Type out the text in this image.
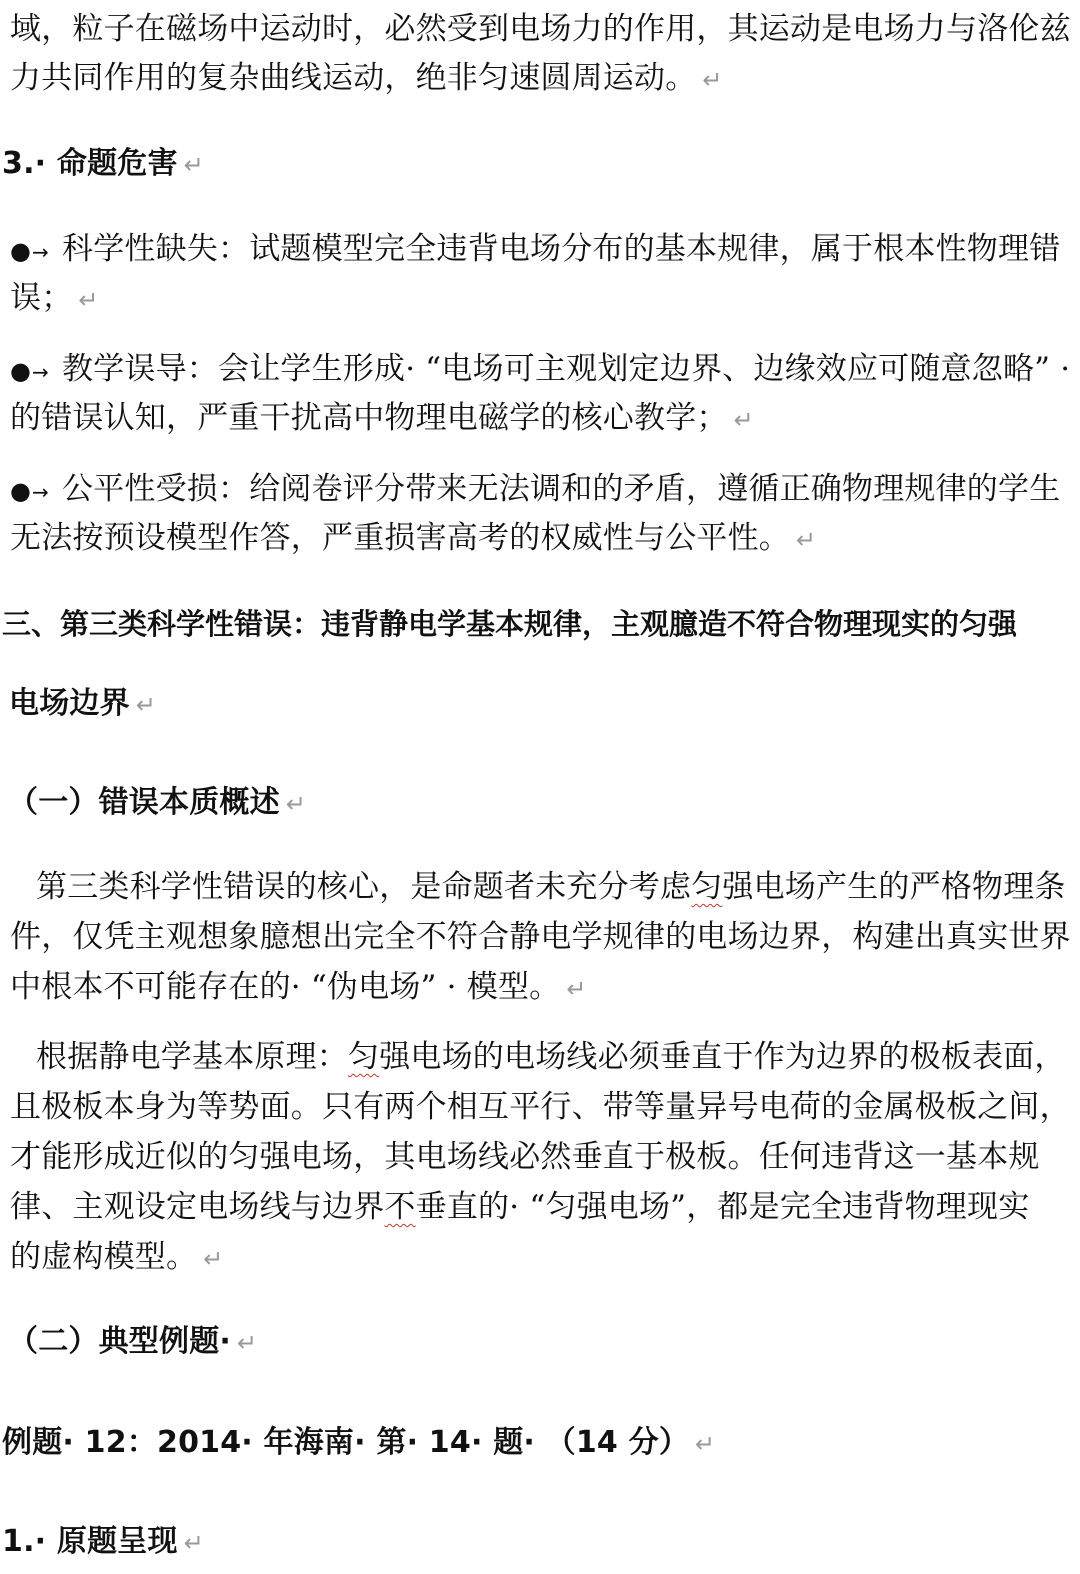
域，粒子在磁场中运动时，必然受到电场力的作用，其运动是电场力与洛伦兹
力共同作用的复杂曲线运动，绝非匀速圆周运动。 ↵
3.· 命题危害 ↵
●→ 科学性缺失：试题模型完全违背电场分布的基本规律，属于根本性物理错
误； ↵
●→ 教学误导：会让学生形成· “电场可主观划定边界、边缘效应可随意忽略” ·
的错误认知，严重干扰高中物理电磁学的核心教学； ↵
●→ 公平性受损：给阅卷评分带来无法调和的矛盾，遵循正确物理规律的学生
无法按预设模型作答，严重损害高考的权威性与公平性。 ↵
三、第三类科学性错误：违背静电学基本规律，主观臆造不符合物理现实的匀强
电场边界 ↵
（一）错误本质概述 ↵
第三类科学性错误的核心，是命题者未充分考虑匀强电场产生的严格物理条
件，仅凭主观想象臆想出完全不符合静电学规律的电场边界，构建出真实世界
中根本不可能存在的· “伪电场” · 模型。 ↵
根据静电学基本原理：匀强电场的电场线必须垂直于作为边界的极板表面，
且极板本身为等势面。只有两个相互平行、带等量异号电荷的金属极板之间，
才能形成近似的匀强电场，其电场线必然垂直于极板。任何违背这一基本规
律、主观设定电场线与边界不垂直的· “匀强电场”，都是完全违背物理现实
的虚构模型。 ↵
（二）典型例题· ↵
例题· 12：2014· 年海南· 第· 14· 题· （14 分） ↵
1.· 原题呈现 ↵
